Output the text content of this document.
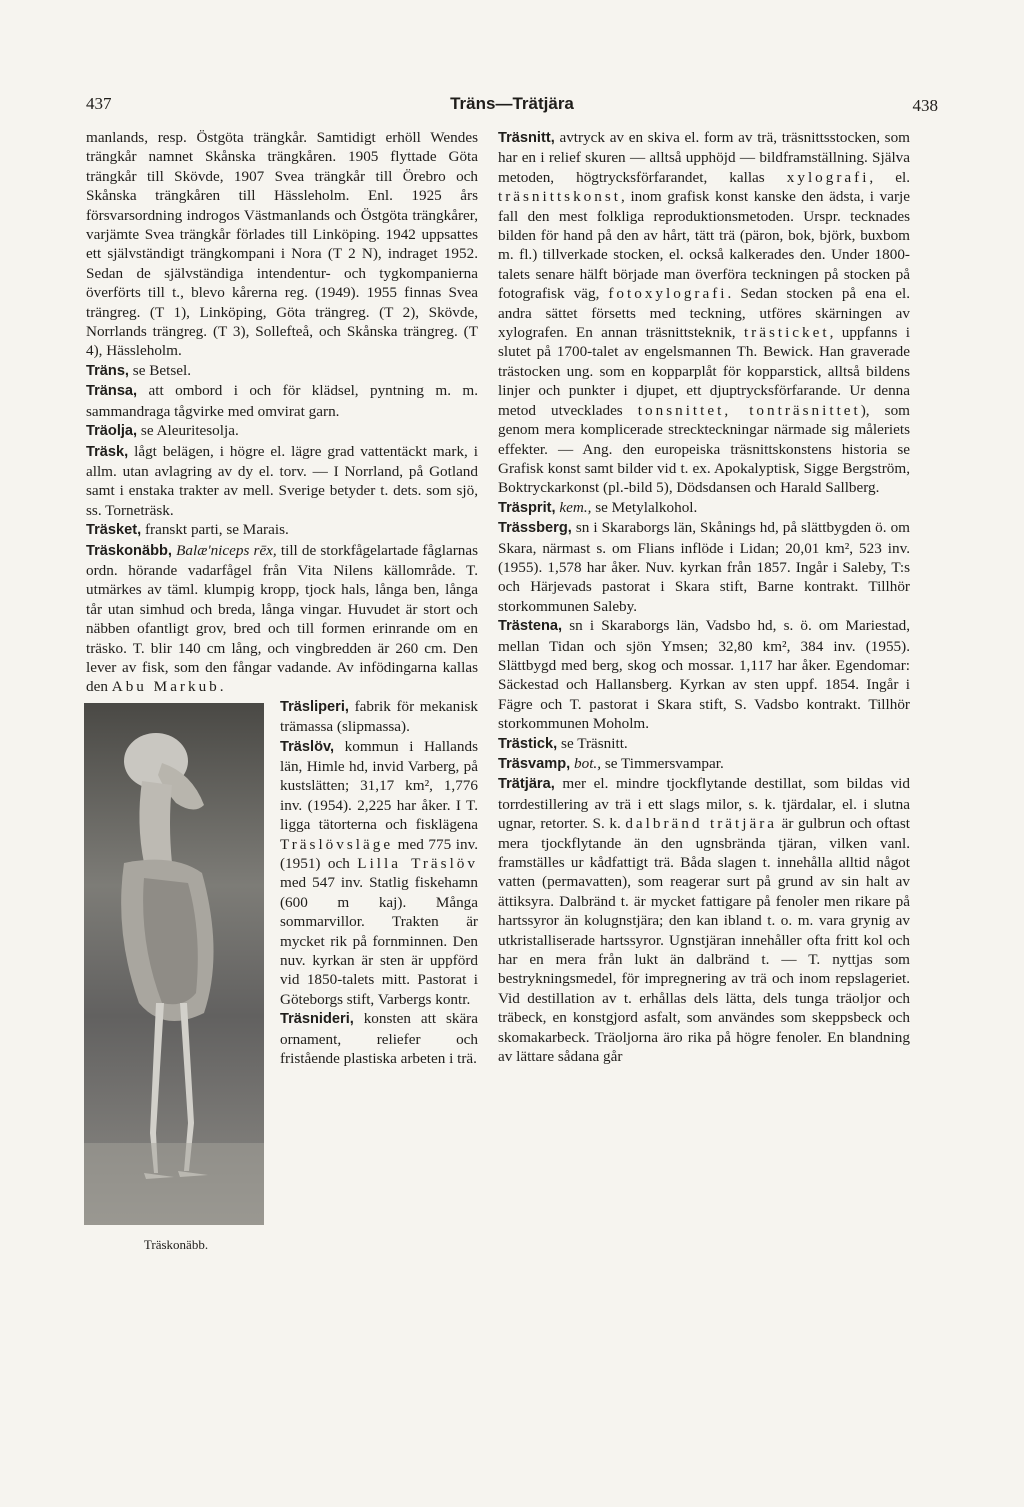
437	Träns—Trätjära	438

manlands, resp. Östgöta trängkår. Samtidigt erhöll Wendes trängkår namnet Skånska trängkåren. 1905 flyttade Göta trängkår till Skövde, 1907 Svea trängkår till Örebro och Skånska trängkåren till Hässleholm. Enl. 1925 års försvarsordning indrogos Västmanlands och Östgöta trängkårer, varjämte Svea trängkår förlades till Linköping. 1942 uppsattes ett självständigt trängkompani i Nora (T 2 N), indraget 1952. Sedan de självständiga intendentur- och tygkompanierna överförts till t., blevo kårerna reg. (1949). 1955 finnas Svea trängreg. (T 1), Linköping, Göta trängreg. (T 2), Skövde, Norrlands trängreg. (T 3), Sollefteå, och Skånska trängreg. (T 4), Hässleholm.

Träns, se Betsel.

Tränsa, att ombord i och för klädsel, pyntning m. m. sammandraga tågvirke med omvirat garn.

Träolja, se Aleuritesolja.

Träsk, lågt belägen, i högre el. lägre grad vattentäckt mark, i allm. utan avlagring av dy el. torv. — I Norrland, på Gotland samt i enstaka trakter av mell. Sverige betyder t. dets. som sjö, ss. Torneträsk.

Träsket, franskt parti, se Marais.

Träskonäbb, Balæ'niceps rēx, till de storkfågelartade fåglarnas ordn. hörande vadarfågel från Vita Nilens källområde. T. utmärkes av täml. klumpig kropp, tjock hals, långa ben, långa tår utan simhud och breda, långa vingar. Huvudet är stort och näbben ofantligt grov, bred och till formen erinrande om en träsko. T. blir 140 cm lång, och vingbredden är 260 cm. Den lever av fisk, som den fångar vadande. Av infödingarna kallas den Abu Markub.

Träskonäbb.

Träsliperi, fabrik för mekanisk trämassa (slipmassa).

Träslöv, kommun i Hallands län, Himle hd, invid Varberg, på kustslätten; 31,17 km², 1,776 inv. (1954). 2,225 har åker. I T. ligga tätorterna och fisklägena Träslövsläge med 775 inv. (1951) och Lilla Träslöv med 547 inv. Statlig fiskehamn (600 m kaj). Många sommarvillor. Trakten är mycket rik på fornminnen. Den nuv. kyrkan är sten är uppförd vid 1850-talets mitt. Pastorat i Göteborgs stift, Varbergs kontr.

Träsnideri, konsten att skära ornament, reliefer och fristående plastiska arbeten i trä.

Träsnitt, avtryck av en skiva el. form av trä, träsnittsstocken, som har en i relief skuren — alltså upphöjd — bildframställning. Själva metoden, högtrycksförfarandet, kallas xylografi, el. träsnittskonst, inom grafisk konst kanske den ädsta, i varje fall den mest folkliga reproduktionsmetoden. Urspr. tecknades bilden för hand på den av hårt, tätt trä (päron, bok, björk, buxbom m. fl.) tillverkade stocken, el. också kalkerades den. Under 1800-talets senare hälft började man överföra teckningen på stocken på fotografisk väg, fotoxylografi. Sedan stocken på ena el. andra sättet försetts med teckning, utföres skärningen av xylografen. En annan träsnittsteknik, trästicket, uppfanns i slutet på 1700-talet av engelsmannen Th. Bewick. Han graverade trästocken ung. som en kopparplåt för kopparstick, alltså bildens linjer och punkter i djupet, ett djuptrycksförfarande. Ur denna metod utvecklades tonsnittet, tonträsnittet), som genom mera komplicerade streckteckningar närmade sig måleriets effekter. — Ang. den europeiska träsnittskonstens historia se Grafisk konst samt bilder vid t. ex. Apokalyptisk, Sigge Bergström, Boktryckarkonst (pl.-bild 5), Dödsdansen och Harald Sallberg.

Träsprit, kem., se Metylalkohol.

Trässberg, sn i Skaraborgs län, Skånings hd, på slättbygden ö. om Skara, närmast s. om Flians inflöde i Lidan; 20,01 km², 523 inv. (1955). 1,578 har åker. Nuv. kyrkan från 1857. Ingår i Saleby, T:s och Härjevads pastorat i Skara stift, Barne kontrakt. Tillhör storkommunen Saleby.

Trästena, sn i Skaraborgs län, Vadsbo hd, s. ö. om Mariestad, mellan Tidan och sjön Ymsen; 32,80 km², 384 inv. (1955). Slättbygd med berg, skog och mossar. 1,117 har åker. Egendomar: Säckestad och Hallansberg. Kyrkan av sten uppf. 1854. Ingår i Fägre och T. pastorat i Skara stift, S. Vadsbo kontrakt. Tillhör storkommunen Moholm.

Trästick, se Träsnitt.

Träsvamp, bot., se Timmersvampar.

Trätjära, mer el. mindre tjockflytande destillat, som bildas vid torrdestillering av trä i ett slags milor, s. k. tjärdalar, el. i slutna ugnar, retorter. S. k. dalbränd trätjära är gulbrun och oftast mera tjockflytande än den ugnsbrända tjäran, vilken vanl. framställes ur kådfattigt trä. Båda slagen t. innehålla alltid något vatten (permavatten), som reagerar surt på grund av sin halt av ättiksyra. Dalbränd t. är mycket fattigare på fenoler men rikare på hartssyror än kolugnstjära; den kan ibland t. o. m. vara grynig av utkristalliserade hartssyror. Ugnstjäran innehåller ofta fritt kol och har en mera från lukt än dalbränd t. — T. nyttjas som bestrykningsmedel, för impregnering av trä och inom repslageriet. Vid destillation av t. erhållas dels lätta, dels tunga träoljor och träbeck, en konstgjord asfalt, som användes som skeppsbeck och skomakarbeck. Träoljorna äro rika på högre fenoler. En blandning av lättare sådana går
